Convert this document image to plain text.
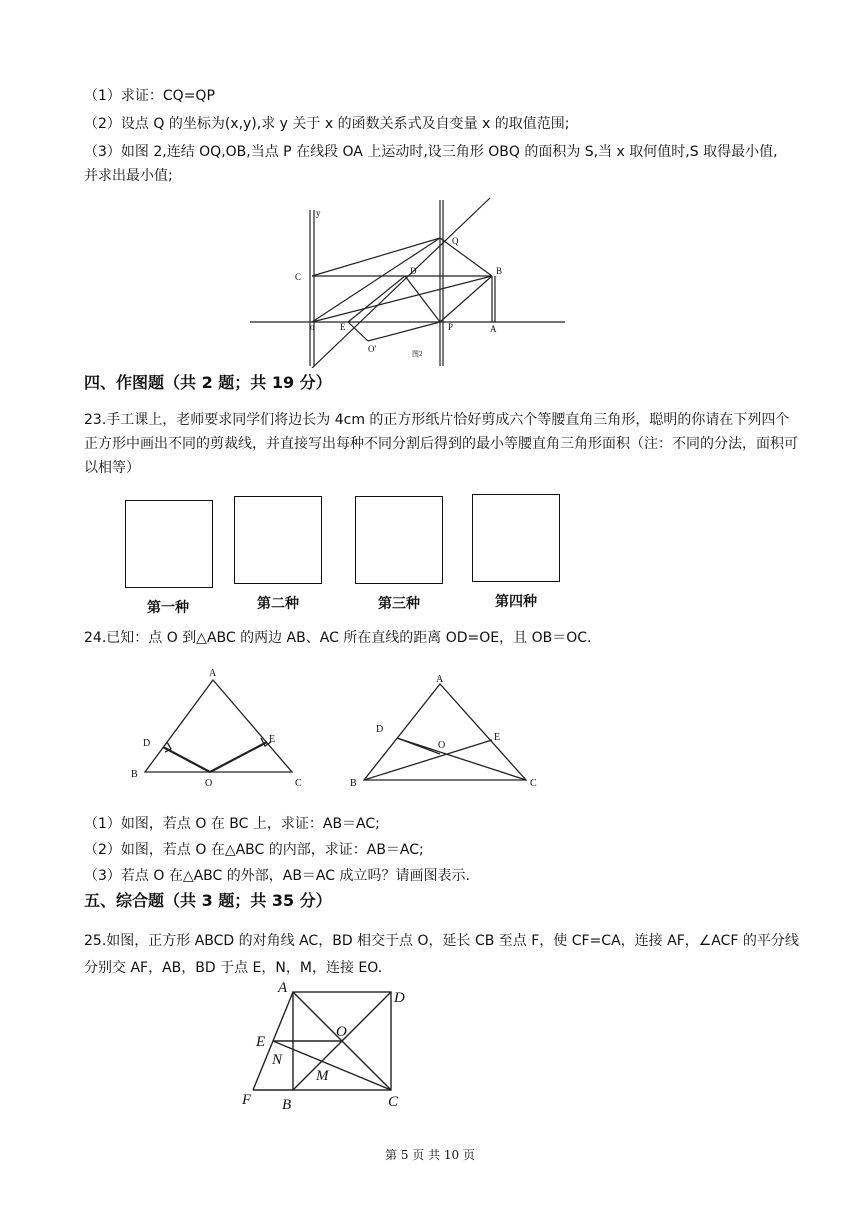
（1）求证：CQ=QP
（2）设点 Q 的坐标为(x,y),求 y 关于 x 的函数关系式及自变量 x 的取值范围;
（3）如图 2,连结 OQ,OB,当点 P 在线段 OA 上运动时,设三角形 OBQ 的面积为 S,当 x 取何值时,S 取得最小值,
并求出最小值;
y
Q
C
D	B
o	E	P	A
O'	图2
四、作图题（共 2 题；共 19 分）
23.手工课上，老师要求同学们将边长为 4cm 的正方形纸片恰好剪成六个等腰直角三角形，聪明的你请在下列四个正方形中画出不同的剪裁线，并直接写出每种不同分割后得到的最小等腰直角三角形面积（注：不同的分法，面积可以相等）
第一种	第二种	第三种	第四种
24.已知：点 O 到△ABC 的两边 AB、AC 所在直线的距离 OD=OE，且 OB＝OC.
A
D	E
B
O	C
A
D
O
E
B	C
（1）如图，若点 O 在 BC 上，求证：AB＝AC;
（2）如图，若点 O 在△ABC 的内部，求证：AB＝AC;
（3）若点 O 在△ABC 的外部，AB＝AC 成立吗？请画图表示.
五、综合题（共 3 题；共 35 分）
25.如图，正方形 ABCD 的对角线 AC，BD 相交于点 O，延长 CB 至点 F，使 CF=CA，连接 AF，∠ACF 的平分线分别交 AF，AB，BD 于点 E，N，M，连接 EO.
A
D
O
E
N
M
F B	C
第 5 页 共 10 页
